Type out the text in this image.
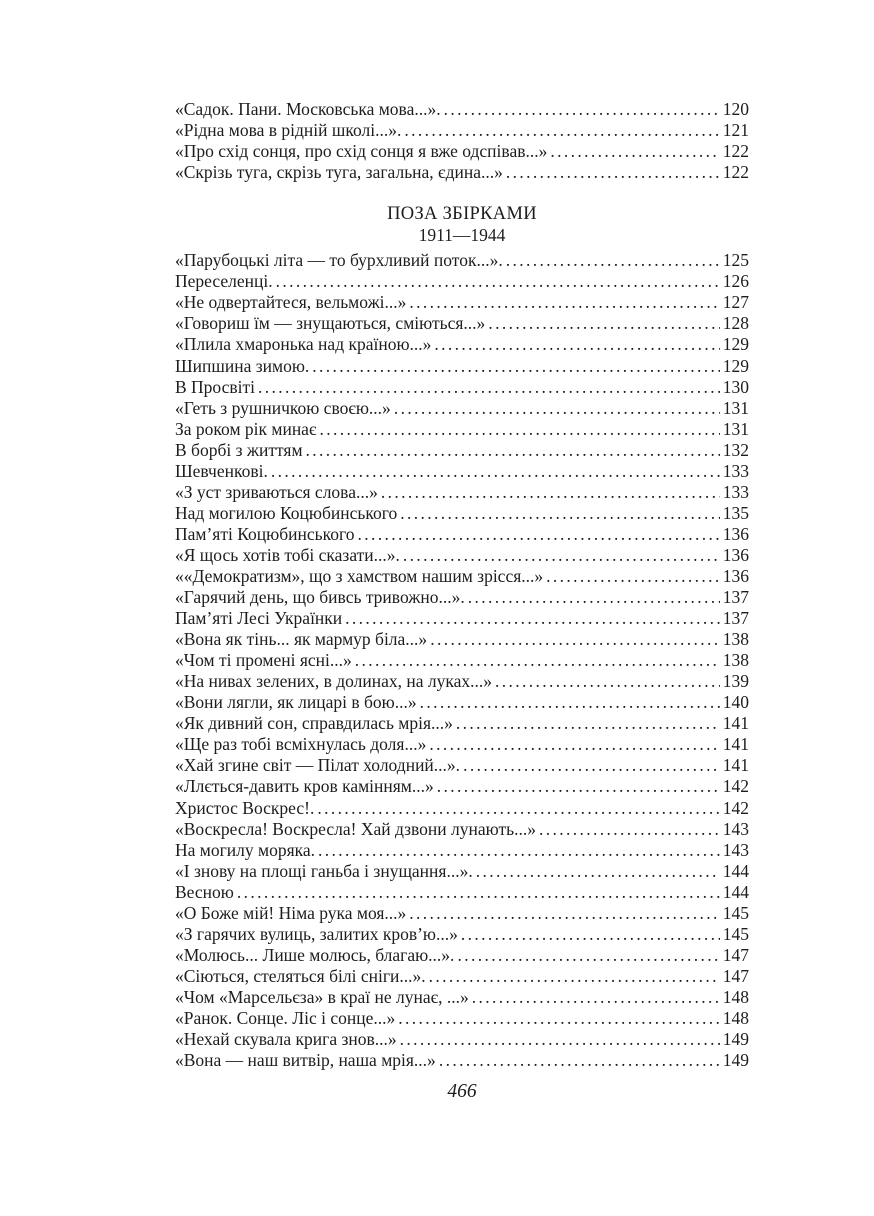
«Садок. Пани. Московська мова...». . . .	120
«Рідна мова в рідній школі...». . . .	121
«Про схід сонця, про схід сонця я вже одспівав...» . . .	122
«Скрізь туга, скрізь туга, загальна, єдина...» . . .	122
ПОЗА ЗБІРКАМИ
1911—1944
«Парубоцькі літа — то бурхливий поток...». . . .	125
Переселенці. . . .	126
«Не одвертайтеся, вельможі...» . . .	127
«Говориш їм — знущаються, сміються...» . . .	128
«Плила хмаронька над країною...» . . .	129
Шипшина зимою. . . .	129
В Просвіті . . .	130
«Геть з рушничкою своєю...» . . .	131
За роком рік минає . . .	131
В борбі з життям . . .	132
Шевченкові. . . .	133
«З уст зриваються слова...» . . .	133
Над могилою Коцюбинського . . .	135
Пам’яті Коцюбинського . . .	136
«Я щось хотів тобі сказати...». . . .	136
««Демократизм», що з хамством нашим зрісся...» . . .	136
«Гарячий день, що бивсь тривожно...». . . .	137
Пам’яті Лесі Українки . . .	137
«Вона як тінь... як мармур біла...» . . .	138
«Чом ті промені ясні...» . . .	138
«На нивах зелених, в долинах, на луках...» . . .	139
«Вони лягли, як лицарі в бою...» . . .	140
«Як дивний сон, справдилась мрія...» . . .	141
«Ще раз тобі всміхнулась доля...» . . .	141
«Хай згине світ — Пілат холодний...». . . .	141
«Ллється-давить кров камінням...» . . .	142
Христос Воскрес!. . . .	142
«Воскресла! Воскресла! Хай дзвони лунають...» . . .	143
На могилу моряка. . . .	143
«І знову на площі ганьба і знущання...». . . .	144
Весною . . .	144
«О Боже мій! Німа рука моя...» . . .	145
«З гарячих вулиць, залитих кров’ю...» . . .	145
«Молюсь... Лише молюсь, благаю...». . . .	147
«Сіються, стеляться білі сніги...». . . .	147
«Чом «Марсельєза» в краї не лунає, ...» . . .	148
«Ранок. Сонце. Ліс і сонце...» . . .	148
«Нехай скувала крига знов...» . . .	149
«Вона — наш витвір, наша мрія...» . . .	149
466
